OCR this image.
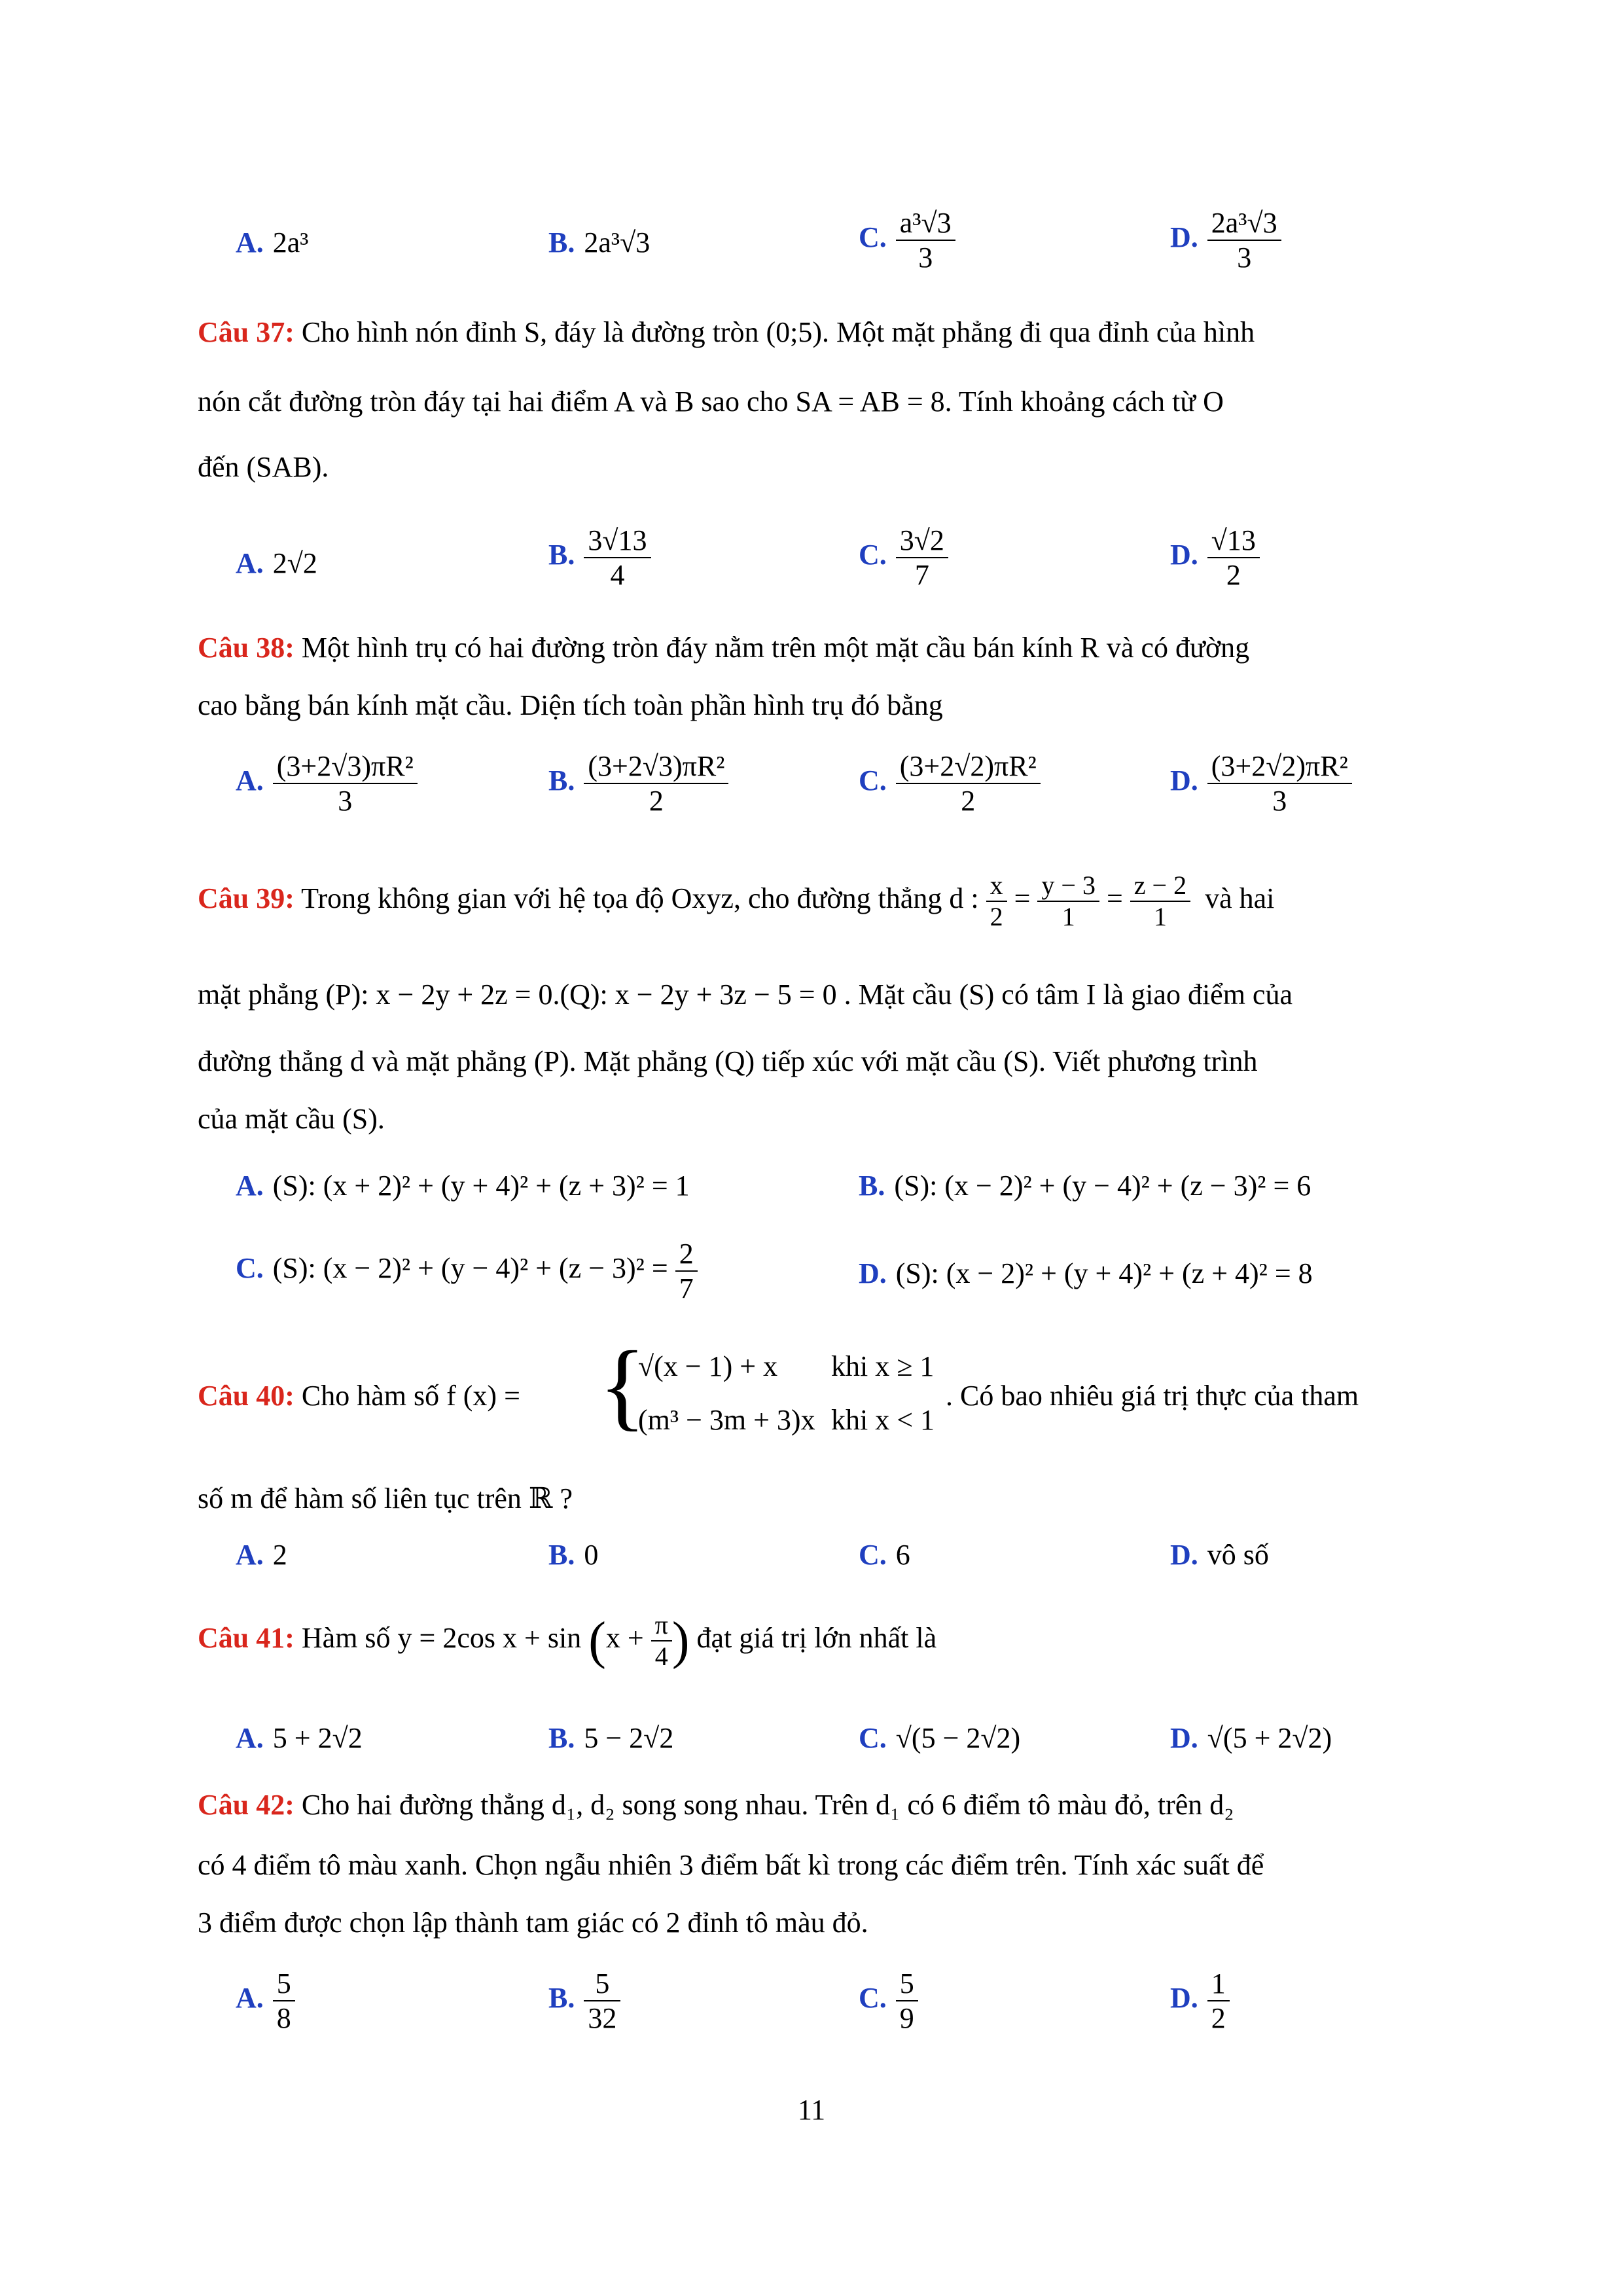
A. 2a³	B. 2a³√3	C. $\frac{\text{a³√3}}{3}$	D. $\frac{\text{2a³√3}}{3}$
Câu 37: Cho hình nón đỉnh S, đáy là đường tròn (0;5). Một mặt phẳng đi qua đỉnh của hình
nón cắt đường tròn đáy tại hai điểm A và B sao cho SA = AB = 8. Tính khoảng cách từ O
đến (SAB).
A. 2√2	B. $\frac{3√13}{4}$	C. $\frac{3√2}{7}$	D. $\frac{√13}{2}$
Câu 38: Một hình trụ có hai đường tròn đáy nằm trên một mặt cầu bán kính R và có đường
cao bằng bán kính mặt cầu. Diện tích toàn phần hình trụ đó bằng
A. $\frac{\text{(3+2√3)πR²}}{3}$	B. $\frac{\text{(3+2√3)πR²}}{2}$	C. $\frac{\text{(3+2√2)πR²}}{2}$	D. $\frac{\text{(3+2√2)πR²}}{3}$
Câu 39: Trong không gian với hệ tọa độ Oxyz, cho đường thẳng d : $\frac{x}{2} = \frac{y - 3}{1} = \frac{z - 2}{1}$ và hai
mặt phẳng (P): x − 2y + 2z = 0.(Q): x − 2y + 3z − 5 = 0 . Mặt cầu (S) có tâm I là giao điểm của
đường thẳng d và mặt phẳng (P). Mặt phẳng (Q) tiếp xúc với mặt cầu (S). Viết phương trình
của mặt cầu (S).
A. (S): (x + 2)² + (y + 4)² + (z + 3)² = 1	B. (S): (x − 2)² + (y − 4)² + (z − 3)² = 6
C. (S): $(x - 2)^2 + (y - 4)^2 + (z - 3)^2 = \frac{2}{7}$	D. (S): (x − 2)² + (y + 4)² + (z + 4)² = 8
Câu 40: Cho hàm số f (x) = {
√(x − 1) + x khi x ≥ 1
(m³ − 3m + 3)x khi x < 1
. Có bao nhiêu giá trị thực của tham
số m để hàm số liên tục trên ℝ ?
A. 2	B. 0	C. 6	D. vô số
Câu 41: Hàm số y = 2cos $x + \sin (x + \frac{\pi}{4}$ ) đạt giá trị lớn nhất là
A. 5 + 2√2	B. 5 − 2√2	C. √(5 − 2√2)	D. √(5 + 2√2)
Câu 42: Cho hai đường thẳng d₁, d₂ song song nhau. Trên d₁ có 6 điểm tô màu đỏ, trên d₂
có 4 điểm tô màu xanh. Chọn ngẫu nhiên 3 điểm bất kì trong các điểm trên. Tính xác suất để
3 điểm được chọn lập thành tam giác có 2 đỉnh tô màu đỏ.
A. $\frac{5}{8}$	B. $\frac{5}{32}$	C. $\frac{5}{9}$	D. $\frac{1}{2}$
11
